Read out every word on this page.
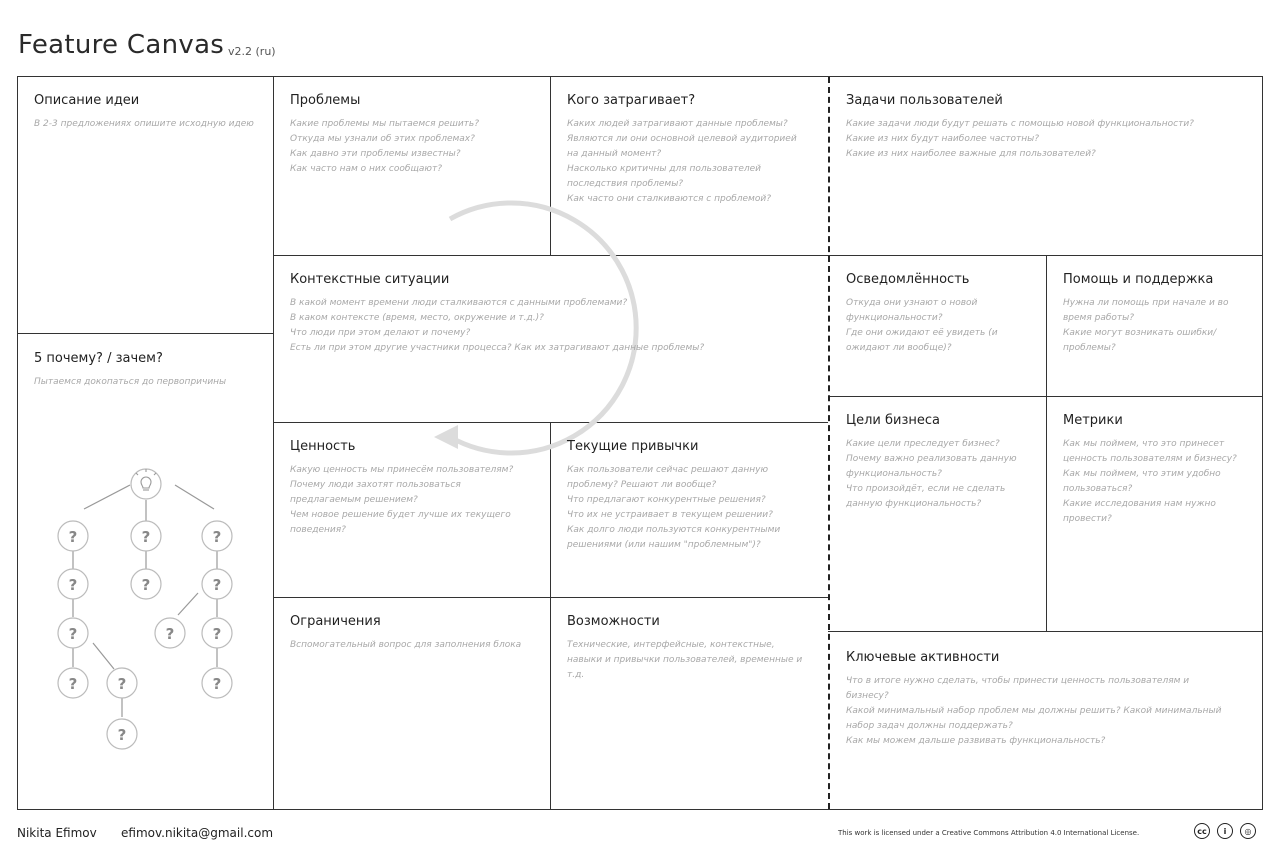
Feature Canvas v2.2 (ru)
Описание идеи
В 2-3 предложениях опишите исходную идею
5 почему? / зачем?
Пытаемся докопаться до первопричины
Проблемы
Какие проблемы мы пытаемся решить?
Откуда мы узнали об этих проблемах?
Как давно эти проблемы известны?
Как часто нам о них сообщают?
Кого затрагивает?
Каких людей затрагивают данные проблемы?
Являются ли они основной целевой аудиторией
на данный момент?
Насколько критичны для пользователей
последствия проблемы?
Как часто они сталкиваются с проблемой?
Контекстные ситуации
В какой момент времени люди сталкиваются с данными проблемами?
В каком контексте (время, место, окружение и т.д.)?
Что люди при этом делают и почему?
Есть ли при этом другие участники процесса? Как их затрагивают данные проблемы?
Ценность
Какую ценность мы принесём пользователям?
Почему люди захотят пользоваться
предлагаемым решением?
Чем новое решение будет лучше их текущего
поведения?
Текущие привычки
Как пользователи сейчас решают данную
проблему? Решают ли вообще?
Что предлагают конкурентные решения?
Что их не устраивает в текущем решении?
Как долго люди пользуются конкурентными
решениями (или нашим "проблемным")?
Ограничения
Вспомогательный вопрос для заполнения блока
Возможности
Технические, интерфейсные, контекстные,
навыки и привычки пользователей, временные и
т.д.
Задачи пользователей
Какие задачи люди будут решать с помощью новой функциональности?
Какие из них будут наиболее частотны?
Какие из них наиболее важные для пользователей?
Осведомлённость
Откуда они узнают о новой
функциональности?
Где они ожидают её увидеть (и
ожидают ли вообще)?
Помощь и поддержка
Нужна ли помощь при начале и во
время работы?
Какие могут возникать ошибки/
проблемы?
Цели бизнеса
Какие цели преследует бизнес?
Почему важно реализовать данную
функциональность?
Что произойдёт, если не сделать
данную функциональность?
Метрики
Как мы поймем, что это принесет
ценность пользователям и бизнесу?
Как мы поймем, что этим удобно
пользоваться?
Какие исследования нам нужно
провести?
Ключевые активности
Что в итоге нужно сделать, чтобы принести ценность пользователям и
бизнесу?
Какой минимальный набор проблем мы должны решить? Какой минимальный
набор задач должны поддержать?
Как мы можем дальше развивать функциональность?
?	?	?
?	?	?
?	?	?
?	?	?
?
Nikita Efimov efimov.nikita@gmail.com	This work is licensed under a Creative Commons Attribution 4.0 International License.	cc	i	◎
